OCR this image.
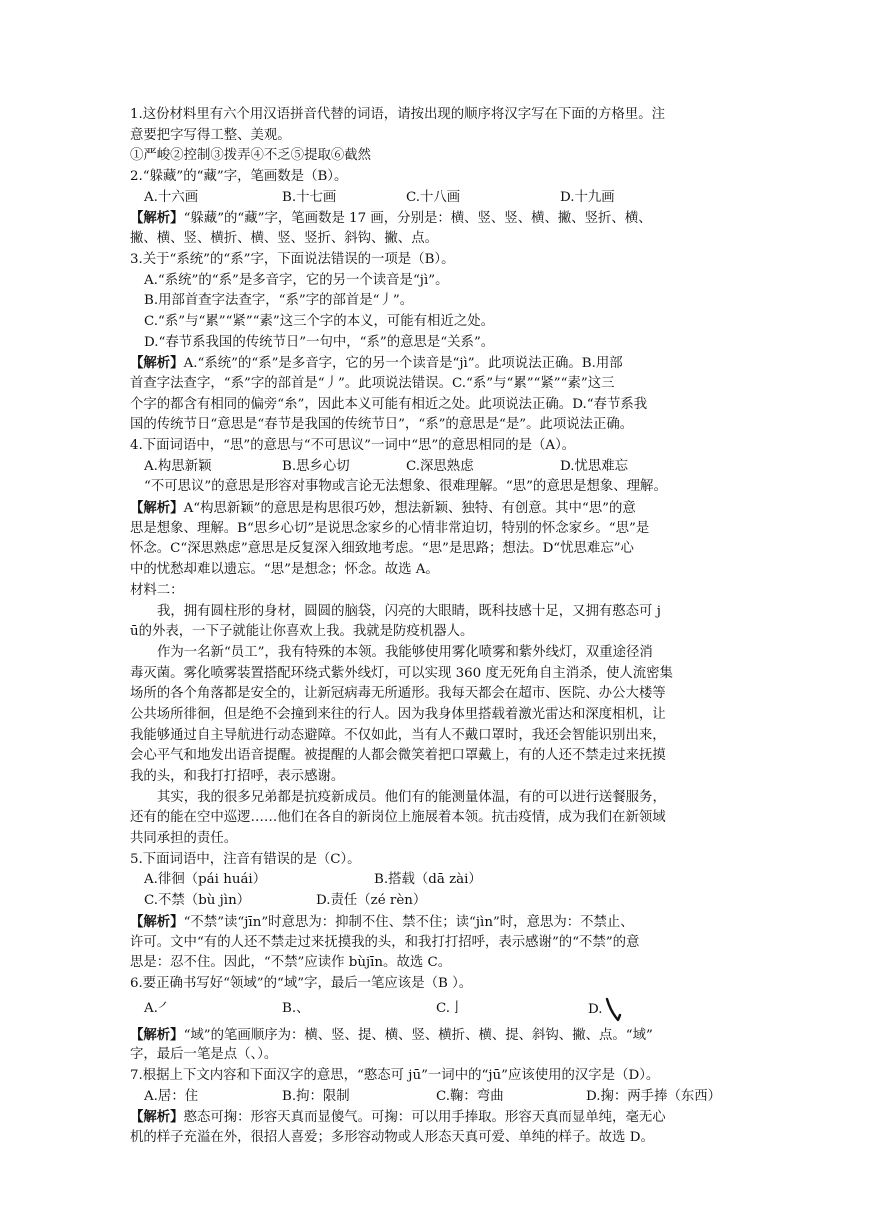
1.这份材料里有六个用汉语拼音代替的词语，请按出现的顺序将汉字写在下面的方格里。注
意要把字写得工整、美观。
①严峻②控制③拨弄④不乏⑤提取⑥截然
2.“躲藏”的“藏”字，笔画数是（B）。
A.十六画	B.十七画	C.十八画	D.十九画
【解析】“躲藏”的“藏”字，笔画数是 17 画，分别是：横、竖、竖、横、撇、竖折、横、
撇、横、竖、横折、横、竖、竖折、斜钩、撇、点。
3.关于“系统”的“系”字，下面说法错误的一项是（B）。
A.“系统”的“系”是多音字，它的另一个读音是“jì”。
B.用部首查字法查字，“系”字的部首是“丿”。
C.“系”与“累”“紧”“素”这三个字的本义，可能有相近之处。
D.“春节系我国的传统节日”一句中，“系”的意思是“关系”。
【解析】A.“系统”的“系”是多音字，它的另一个读音是“jì”。此项说法正确。B.用部
首查字法查字，“系”字的部首是“丿”。此项说法错误。C.“系”与“累”“紧”“素”这三
个字的都含有相同的偏旁“糸”，因此本义可能有相近之处。此项说法正确。D.“春节系我
国的传统节日“意思是“春节是我国的传统节日”，“系”的意思是“是”。此项说法正确。
4.下面词语中，“思”的意思与“不可思议”一词中“思”的意思相同的是（A）。
A.构思新颖	B.思乡心切	C.深思熟虑	D.忧思难忘
“不可思议”的意思是形容对事物或言论无法想象、很难理解。“思”的意思是想象、理解。
【解析】A“构思新颖”的意思是构思很巧妙，想法新颖、独特、有创意。其中“思”的意
思是想象、理解。B“思乡心切”是说思念家乡的心情非常迫切，特别的怀念家乡。“思”是
怀念。C“深思熟虑”意思是反复深入细致地考虑。“思”是思路；想法。D“忧思难忘”心
中的忧愁却难以遗忘。“思”是想念；怀念。故选 A。
材料二：
我，拥有圆柱形的身材，圆圆的脑袋，闪亮的大眼睛，既科技感十足，又拥有憨态可 j
ū的外表，一下子就能让你喜欢上我。我就是防疫机器人。
作为一名新“员工”，我有特殊的本领。我能够使用雾化喷雾和紫外线灯，双重途径消
毒灭菌。雾化喷雾装置搭配环绕式紫外线灯，可以实现 360 度无死角自主消杀，使人流密集
场所的各个角落都是安全的，让新冠病毒无所遁形。我每天都会在超市、医院、办公大楼等
公共场所徘徊，但是绝不会撞到来往的行人。因为我身体里搭载着激光雷达和深度相机，让
我能够通过自主导航进行动态避障。不仅如此，当有人不戴口罩时，我还会智能识别出来，
会心平气和地发出语音提醒。被提醒的人都会微笑着把口罩戴上，有的人还不禁走过来抚摸
我的头，和我打打招呼，表示感谢。
其实，我的很多兄弟都是抗疫新成员。他们有的能测量体温，有的可以进行送餐服务，
还有的能在空中巡逻……他们在各自的新岗位上施展着本领。抗击疫情，成为我们在新领域
共同承担的责任。
5.下面词语中，注音有错误的是（C）。
A.徘徊（pái huái）	B.搭载（dā zài）
C.不禁（bù jìn）	D.责任（zé rèn）
【解析】“不禁”读“jīn”时意思为：抑制不住、禁不住；读“jìn”时，意思为：不禁止、
许可。文中“有的人还不禁走过来抚摸我的头，和我打打招呼，表示感谢”的“不禁”的意
思是：忍不住。因此，“不禁”应读作 bùjīn。故选 C。
6.要正确书写好“领域”的“域”字，最后一笔应该是（B ）。
A.㇒	B.、	C.亅	D.
【解析】“域”的笔画顺序为：横、竖、提、横、竖、横折、横、提、斜钩、撇、点。“域”
字，最后一笔是点（、）。
7.根据上下文内容和下面汉字的意思，“憨态可 jū”一词中的“jū”应该使用的汉字是（D）。
A.居：住	B.拘：限制	C.鞠：弯曲	D.掬：两手捧（东西）
【解析】憨态可掬：形容天真而显傻气。可掬：可以用手捧取。形容天真而显单纯，毫无心
机的样子充溢在外，很招人喜爱；多形容动物或人形态天真可爱、单纯的样子。故选 D。
